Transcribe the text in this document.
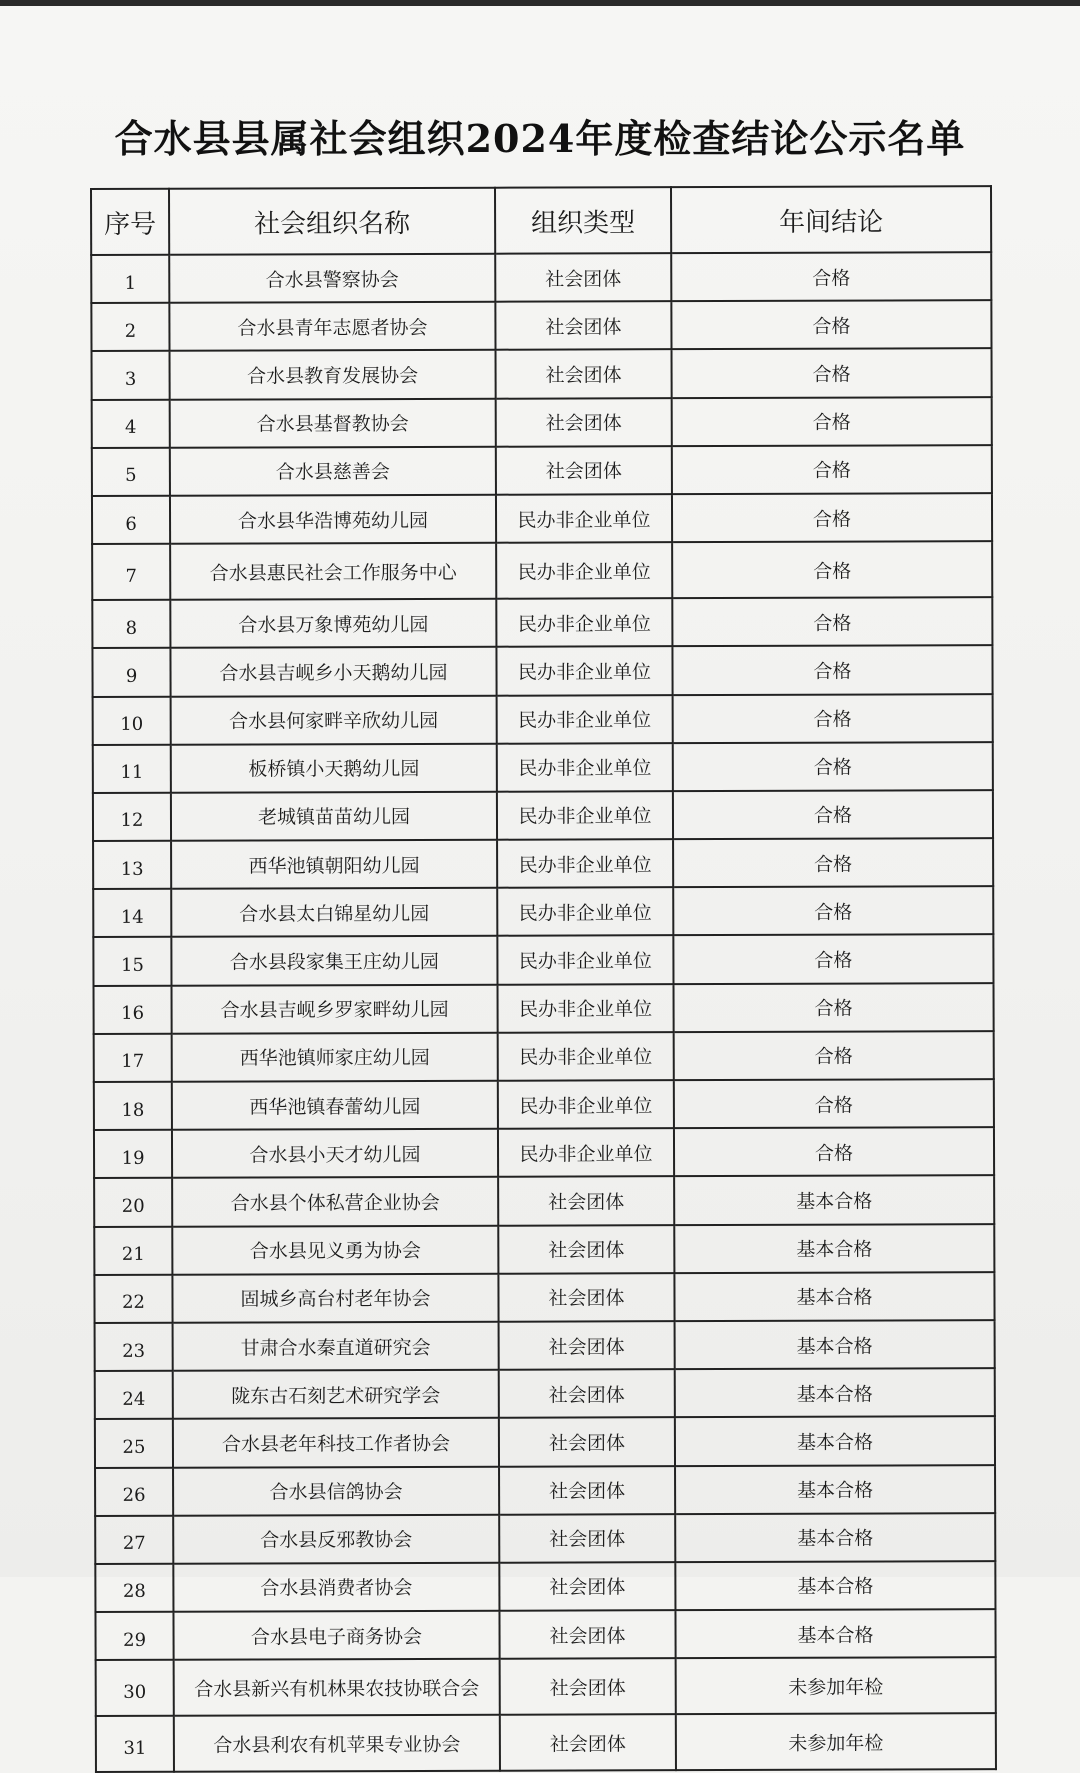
合水县县属社会组织2024年度检查结论公示名单
序号	社会组织名称	组织类型	年间结论
1	合水县警察协会	社会团体	合格
2	合水县青年志愿者协会	社会团体	合格
3	合水县教育发展协会	社会团体	合格
4	合水县基督教协会	社会团体	合格
5	合水县慈善会	社会团体	合格
6	合水县华浩博苑幼儿园	民办非企业单位	合格
7	合水县惠民社会工作服务中心	民办非企业单位	合格
8	合水县万象博苑幼儿园	民办非企业单位	合格
9	合水县吉岘乡小天鹅幼儿园	民办非企业单位	合格
10	合水县何家畔辛欣幼儿园	民办非企业单位	合格
11	板桥镇小天鹅幼儿园	民办非企业单位	合格
12	老城镇苗苗幼儿园	民办非企业单位	合格
13	西华池镇朝阳幼儿园	民办非企业单位	合格
14	合水县太白锦星幼儿园	民办非企业单位	合格
15	合水县段家集王庄幼儿园	民办非企业单位	合格
16	合水县吉岘乡罗家畔幼儿园	民办非企业单位	合格
17	西华池镇师家庄幼儿园	民办非企业单位	合格
18	西华池镇春蕾幼儿园	民办非企业单位	合格
19	合水县小天才幼儿园	民办非企业单位	合格
20	合水县个体私营企业协会	社会团体	基本合格
21	合水县见义勇为协会	社会团体	基本合格
22	固城乡高台村老年协会	社会团体	基本合格
23	甘肃合水秦直道研究会	社会团体	基本合格
24	陇东古石刻艺术研究学会	社会团体	基本合格
25	合水县老年科技工作者协会	社会团体	基本合格
26	合水县信鸽协会	社会团体	基本合格
27	合水县反邪教协会	社会团体	基本合格
28	合水县消费者协会	社会团体	基本合格
29	合水县电子商务协会	社会团体	基本合格
30	合水县新兴有机林果农技协联合会	社会团体	未参加年检
31	合水县利农有机苹果专业协会	社会团体	未参加年检
